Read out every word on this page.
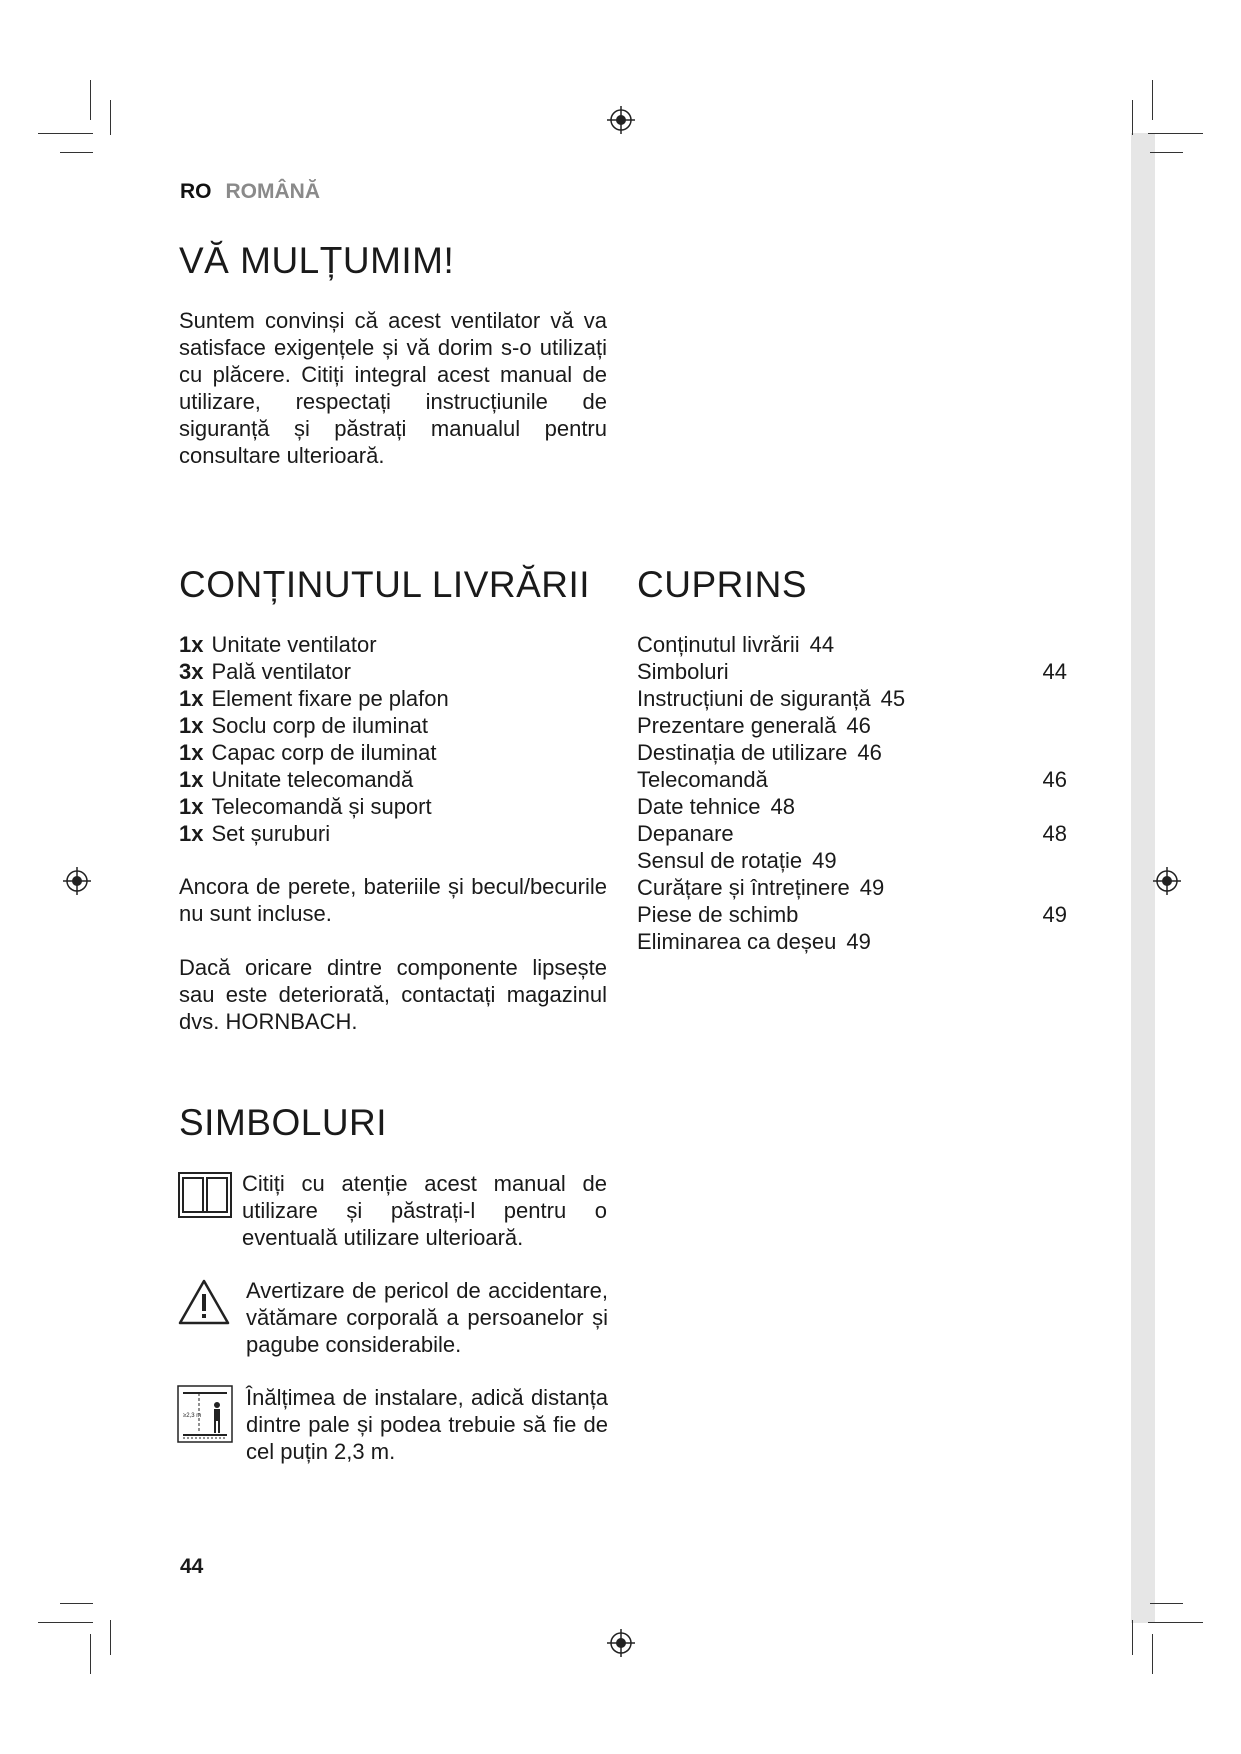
RO ROMÂNĂ
VĂ MULȚUMIM!

Suntem convinși că acest ventilator vă va satisface exigențele și vă dorim s-o utilizați cu plăcere. Citiți integral acest manual de utilizare, respectați instrucțiunile de siguranță și păstrați manualul pentru consultare ulterioară.

CONȚINUTUL LIVRĂRII
1x Unitate ventilator
3x Pală ventilator
1x Element fixare pe plafon
1x Soclu corp de iluminat
1x Capac corp de iluminat
1x Unitate telecomandă
1x Telecomandă și suport
1x Set șuruburi

Ancora de perete, bateriile și becul/becurile nu sunt incluse.

Dacă oricare dintre componente lipsește sau este deteriorată, contactați magazinul dvs. HORNBACH.

CUPRINS
Conținutul livrării 44
Simboluri	44
Instrucțiuni de siguranță 45
Prezentare generală 46
Destinația de utilizare 46
Telecomandă	46
Date tehnice 48
Depanare	48
Sensul de rotație 49
Curățare și întreținere 49
Piese de schimb	49
Eliminarea ca deșeu 49
SIMBOLURI
Citiți cu atenție acest manual de utilizare și păstrați-l pentru o eventuală utilizare ulterioară.
Avertizare de pericol de accidentare, vătămare corporală a persoanelor și pagube considerabile.
≥2,3 m
Înălțimea de instalare, adică distanța dintre pale și podea trebuie să fie de cel puțin 2,3 m.
44
